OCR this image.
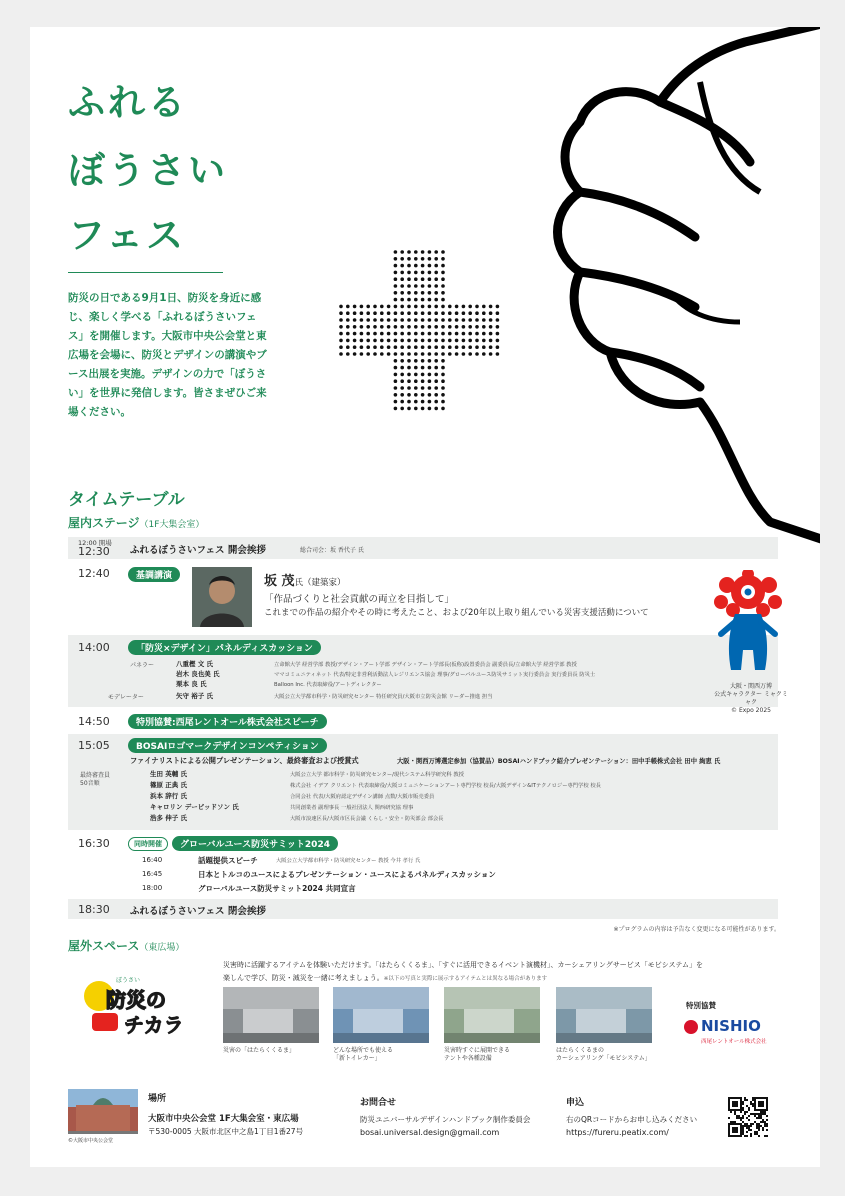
ふれる
ぼうさい
フェス
防災の日である9月1日、防災を身近に感じ、楽しく学べる「ふれるぼうさいフェス」を開催します。大阪市中央公会堂と東広場を会場に、防災とデザインの講演やブース出展を実施。デザインの力で「ぼうさい」を世界に発信します。皆さまぜひご来場ください。
タイムテーブル
屋内ステージ（1F大集会室）
12:00 開場
12:30 ふれるぼうさいフェス 開会挨拶	総合司会：坂 香代子 氏
12:40	基調講演	坂 茂氏（建築家）
「作品づくりと社会貢献の両立を目指して」
これまでの作品の紹介やその時に考えたこと、および20年以上取り組んでいる災害支援活動について
14:00	「防災×デザイン」パネルディスカッション
パネラー
モデレーター
八重樫 文 氏	立命館大学 経営学部 教授/デザイン・アート学部 デザイン・アート学部長(仮称)設置委員会 副委員長/立命館大学 経営学部 教授
岩木 良也美 氏	ママコミュニティネット 代表/特定非営利活動法人レジリエンス協会 理事/グローバルユース防災サミット実行委員会 実行委員長 防災士
栗本 良 氏	Balloon Inc. 代表取締役/アートディレクター
矢守 裕子 氏	大阪公立大学都市科学・防災研究センター 特任研究員/大阪市立防災会館 リーダー推進 担当
14:50	特別協賛:西尾レントオール株式会社スピーチ
15:05	BOSAIロゴマークデザインコンペティション
ファイナリストによる公開プレゼンテーション、最終審査および授賞式	大阪・関西万博選定参加（協賛品）BOSAIハンドブック紹介プレゼンテーション：田中手帳株式会社 田中 絢恵 氏
最終審査員
50音順
生田 英輔 氏	大阪公立大学 都市科学・防災研究センター/現代システム科学研究科 教授
篠原 正典 氏	株式会社 イデア クリエント 代表取締役/大阪コミュニケーションアート専門学校 校長/大阪デザイン&ITテクノロジー専門学校 校長
浜本 辞行 氏	合同会社 代表/大阪府認定デザイン講師 点数/大阪市販売委員
キャロリン デービッドソン 氏	共同創業者 副理事長 一般社団法人 関西研究協 理事
浩多 伸子 氏	大阪市浪速区長/大阪市区長会議 くらし・安全・防災部会 部会長
16:30	同時開催	グローバルユース防災サミット2024
16:40	話題提供スピーチ	大阪公立大学都市科学・防災研究センター 教授 今井 孝行 氏
16:45	日本とトルコのユースによるプレゼンテーション・ユースによるパネルディスカッション
18:00	グローバルユース防災サミット2024 共同宣言
18:30 ふれるぼうさいフェス 閉会挨拶
※プログラムの内容は予告なく変更になる可能性があります。
大阪・関西万博
公式キャラクター ミャクミャク
© Expo 2025
屋外スペース（東広場）
災害時に活躍するアイテムを体験いただけます。「はたらくくるま」、「すぐに活用できるイベント演機材」、カーシェアリングサービス「モビシステム」を
楽しんで学び、防災・減災を一緒に考えましょう。※以下の写真と実際に展示するアイテムとは異なる場合があります
ぼうさい
防災の
チカラ
災害の「はたらくくるま」	どんな場所でも使える
「新トイレカー」
災害時すぐに展開できる
テントや各種設備
はたらくくるまの
カーシェアリング「モビシステム」
特別協賛
NISHIO
西尾レントオール株式会社
©大阪市中央公会堂
場所
大阪市中央公会堂 1F大集会室・東広場
〒530-0005 大阪市北区中之島1丁目1番27号
お問合せ
防災ユニバーサルデザインハンドブック制作委員会
bosai.universal.design@gmail.com
申込
右のQRコードからお申し込みください
https://fureru.peatix.com/
